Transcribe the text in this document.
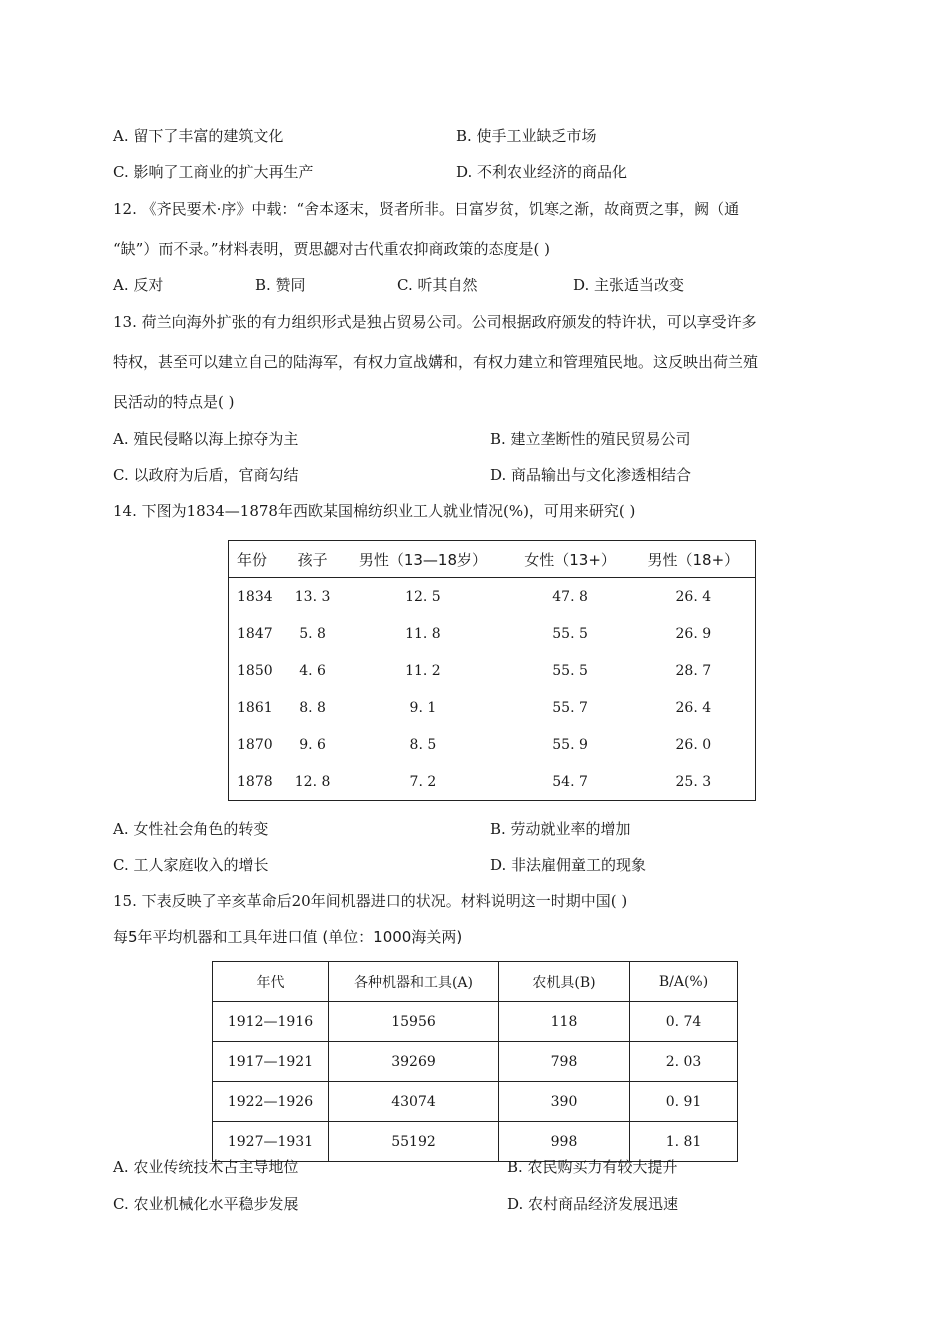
A. 留下了丰富的建筑文化	B. 使手工业缺乏市场
C. 影响了工商业的扩大再生产	D. 不利农业经济的商品化
12. 《齐民要术·序》中载：“舍本逐末，贤者所非。日富岁贫，饥寒之渐，故商贾之事，阙（通
“缺”）而不录。”材料表明，贾思勰对古代重农抑商政策的态度是( )
A. 反对	B. 赞同	C. 听其自然	D. 主张适当改变
13. 荷兰向海外扩张的有力组织形式是独占贸易公司。公司根据政府颁发的特许状，可以享受许多
特权，甚至可以建立自己的陆海军，有权力宣战媾和，有权力建立和管理殖民地。这反映出荷兰殖
民活动的特点是( )
A. 殖民侵略以海上掠夺为主	B. 建立垄断性的殖民贸易公司
C. 以政府为后盾，官商勾结	D. 商品输出与文化渗透相结合
14. 下图为1834—1878年西欧某国棉纺织业工人就业情况(%)，可用来研究( )
年份	孩子	男性（13—18岁）	女性（13+）	男性（18+）
1834	13. 3	12. 5	47. 8	26. 4
1847	5. 8	11. 8	55. 5	26. 9
1850	4. 6	11. 2	55. 5	28. 7
1861	8. 8	9. 1	55. 7	26. 4
1870	9. 6	8. 5	55. 9	26. 0
1878	12. 8	7. 2	54. 7	25. 3
A. 女性社会角色的转变	B. 劳动就业率的增加
C. 工人家庭收入的增长	D. 非法雇佣童工的现象
15. 下表反映了辛亥革命后20年间机器进口的状况。材料说明这一时期中国( )
每5年平均机器和工具年进口值 (单位：1000海关两)
年代	各种机器和工具(A)	农机具(B)	B/A(%)
1912—1916	15956	118	0. 74
1917—1921	39269	798	2. 03
1922—1926	43074	390	0. 91
1927—1931	55192	998	1. 81
A. 农业传统技术占主导地位	B. 农民购买力有较大提升
C. 农业机械化水平稳步发展	D. 农村商品经济发展迅速
